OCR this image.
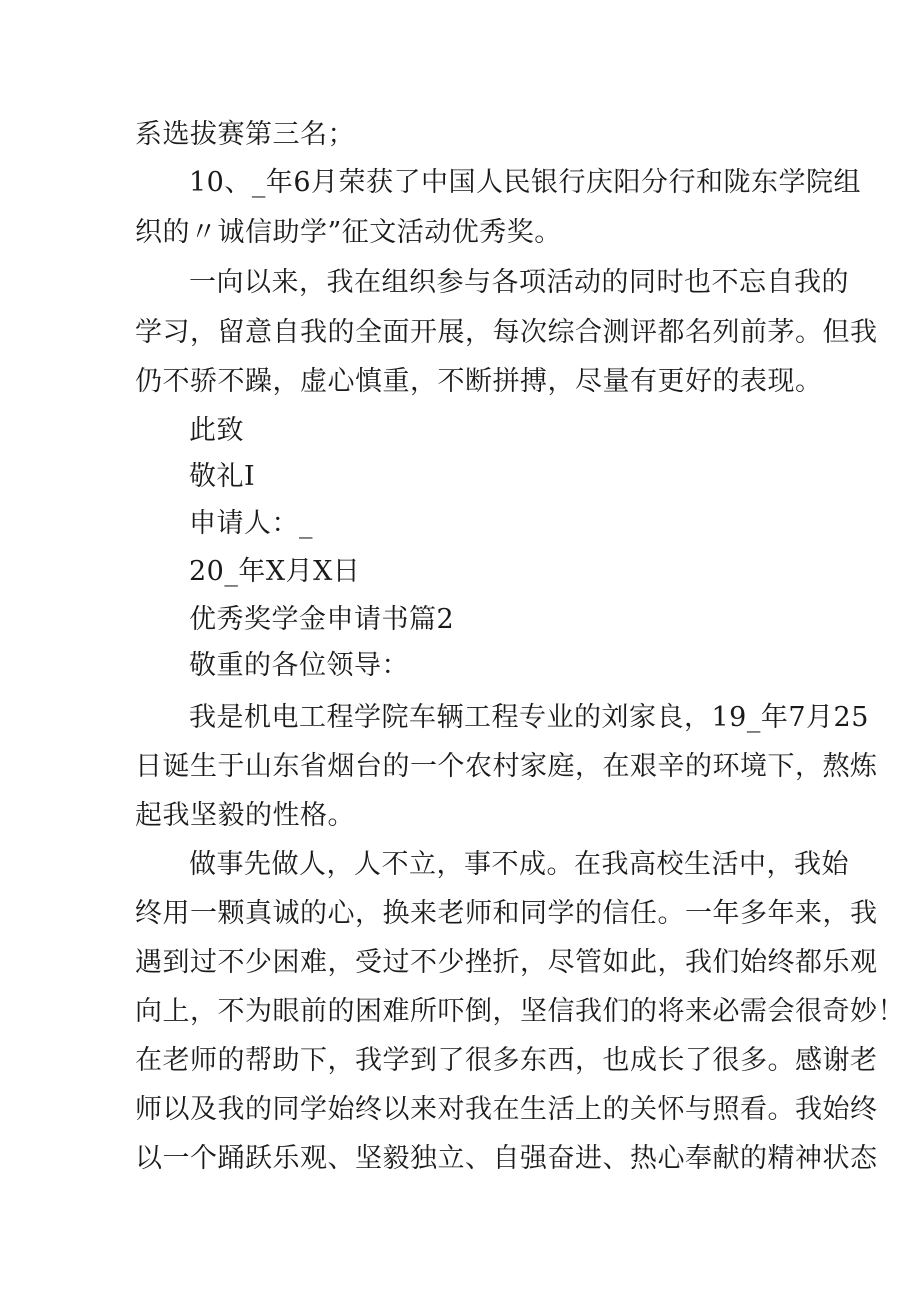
系选拔赛第三名；
10、_年6月荣获了中国人民银行庆阳分行和陇东学院组
织的〃诚信助学”征文活动优秀奖。
一向以来，我在组织参与各项活动的同时也不忘自我的
学习，留意自我的全面开展，每次综合测评都名列前茅。但我
仍不骄不躁，虚心慎重，不断拼搏，尽量有更好的表现。
此致
敬礼I
申请人：_
20_年X月X日
优秀奖学金申请书篇2
敬重的各位领导：
我是机电工程学院车辆工程专业的刘家良，19_年7月25
日诞生于山东省烟台的一个农村家庭，在艰辛的环境下，熬炼
起我坚毅的性格。
做事先做人，人不立，事不成。在我高校生活中，我始
终用一颗真诚的心，换来老师和同学的信任。一年多年来，我
遇到过不少困难，受过不少挫折，尽管如此，我们始终都乐观
向上，不为眼前的困难所吓倒，坚信我们的将来必需会很奇妙！
在老师的帮助下，我学到了很多东西，也成长了很多。感谢老
师以及我的同学始终以来对我在生活上的关怀与照看。我始终
以一个踊跃乐观、坚毅独立、自强奋进、热心奉献的精神状态
